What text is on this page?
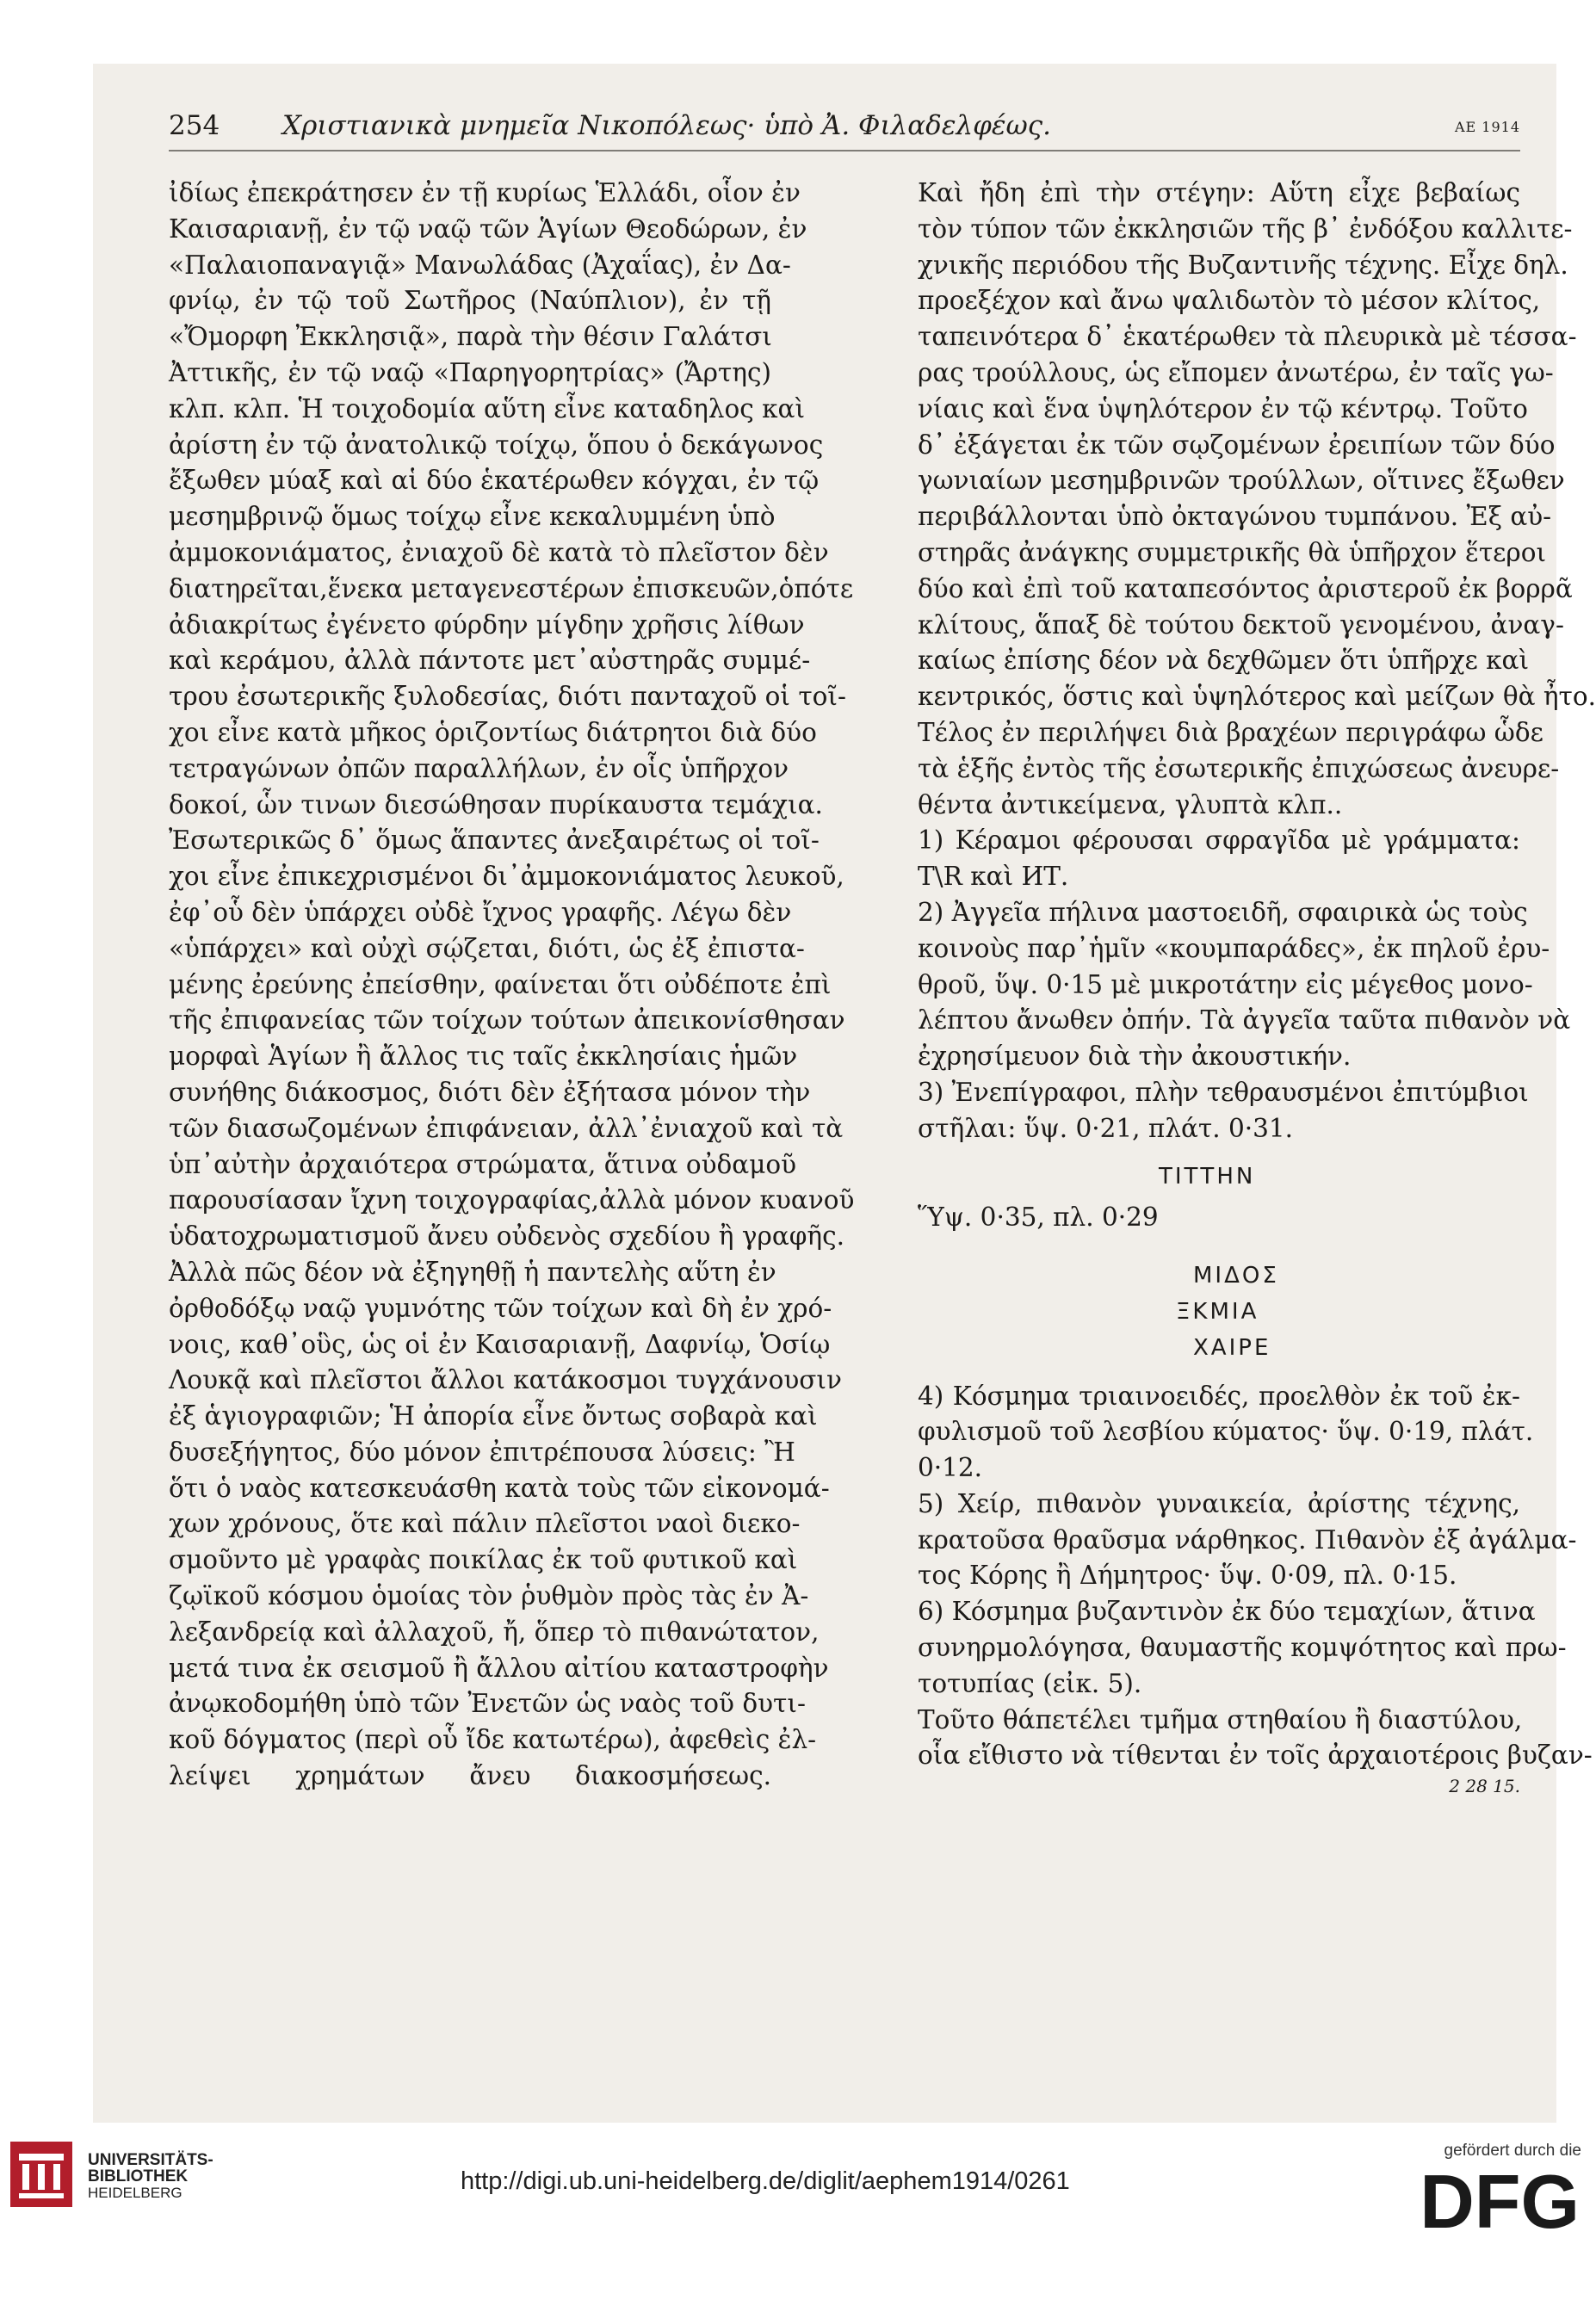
254 Χριστιανικὰ μνημεῖα Νικοπόλεως· ὑπὸ Ἀ. Φιλαδελφέως.	ΑΕ 1914

ἰδίως ἐπεκράτησεν ἐν τῇ κυρίως Ἑλλάδι, οἷον ἐν

Καισαριανῇ, ἐν τῷ ναῷ τῶν Ἁγίων Θεοδώρων, ἐν

«Παλαιοπαναγιᾷ» Μανωλάδας (Ἀχαΐας), ἐν Δα-

φνίῳ, ἐν τῷ τοῦ Σωτῆρος (Ναύπλιον), ἐν τῇ

«Ὄμορφη Ἐκκλησιᾷ», παρὰ τὴν θέσιν Γαλάτσι

Ἀττικῆς, ἐν τῷ ναῷ «Παρηγορητρίας» (Ἄρτης)

κλπ. κλπ. Ἡ τοιχοδομία αὕτη εἶνε καταδηλος καὶ

ἀρίστη ἐν τῷ ἀνατολικῷ τοίχῳ, ὅπου ὁ δεκάγωνος

ἔξωθεν μύαξ καὶ αἱ δύο ἑκατέρωθεν κόγχαι, ἐν τῷ

μεσημβρινῷ ὅμως τοίχῳ εἶνε κεκαλυμμένη ὑπὸ

ἀμμοκονιάματος, ἐνιαχοῦ δὲ κατὰ τὸ πλεῖστον δὲν

διατηρεῖται,ἕνεκα μεταγενεστέρων ἐπισκευῶν,ὁπότε

ἀδιακρίτως ἐγένετο φύρδην μίγδην χρῆσις λίθων

καὶ κεράμου, ἀλλὰ πάντοτε μετ᾿αὐστηρᾶς συμμέ-

τρου ἐσωτερικῆς ξυλοδεσίας, διότι πανταχοῦ οἱ τοῖ-

χοι εἶνε κατὰ μῆκος ὁριζοντίως διάτρητοι διὰ δύο

τετραγώνων ὀπῶν παραλλήλων, ἐν οἷς ὑπῆρχον

δοκοί, ὧν τινων διεσώθησαν πυρίκαυστα τεμάχια.

Ἐσωτερικῶς δ᾿ ὅμως ἅπαντες ἀνεξαιρέτως οἱ τοῖ-

χοι εἶνε ἐπικεχρισμένοι δι᾿ἀμμοκονιάματος λευκοῦ,

ἐφ᾿οὗ δὲν ὑπάρχει οὐδὲ ἴχνος γραφῆς. Λέγω δὲν

«ὑπάρχει» καὶ οὐχὶ σῴζεται, διότι, ὡς ἐξ ἐπιστα-

μένης ἐρεύνης ἐπείσθην, φαίνεται ὅτι οὐδέποτε ἐπὶ

τῆς ἐπιφανείας τῶν τοίχων τούτων ἀπεικονίσθησαν

μορφαὶ Ἁγίων ἢ ἄλλος τις ταῖς ἐκκλησίαις ἡμῶν

συνήθης διάκοσμος, διότι δὲν ἐξήτασα μόνον τὴν

τῶν διασωζομένων ἐπιφάνειαν, ἀλλ᾿ἐνιαχοῦ καὶ τὰ

ὑπ᾿αὐτὴν ἀρχαιότερα στρώματα, ἅτινα οὐδαμοῦ

παρουσίασαν ἴχνη τοιχογραφίας,ἀλλὰ μόνον κυανοῦ

ὑδατοχρωματισμοῦ ἄνευ οὐδενὸς σχεδίου ἢ γραφῆς.

Ἀλλὰ πῶς δέον νὰ ἐξηγηθῇ ἡ παντελὴς αὕτη ἐν

ὀρθοδόξῳ ναῷ γυμνότης τῶν τοίχων καὶ δὴ ἐν χρό-

νοις, καθ᾿οὓς, ὡς οἱ ἐν Καισαριανῇ, Δαφνίῳ, Ὁσίῳ

Λουκᾷ καὶ πλεῖστοι ἄλλοι κατάκοσμοι τυγχάνουσιν

ἐξ ἁγιογραφιῶν; Ἡ ἀπορία εἶνε ὄντως σοβαρὰ καὶ

δυσεξήγητος, δύο μόνον ἐπιτρέπουσα λύσεις: Ἢ

ὅτι ὁ ναὸς κατεσκευάσθη κατὰ τοὺς τῶν εἰκονομά-

χων χρόνους, ὅτε καὶ πάλιν πλεῖστοι ναοὶ διεκο-

σμοῦντο μὲ γραφὰς ποικίλας ἐκ τοῦ φυτικοῦ καὶ

ζῳϊκοῦ κόσμου ὁμοίας τὸν ῥυθμὸν πρὸς τὰς ἐν Ἀ-

λεξανδρείᾳ καὶ ἀλλαχοῦ, ἤ, ὅπερ τὸ πιθανώτατον,

μετά τινα ἐκ σεισμοῦ ἢ ἄλλου αἰτίου καταστροφὴν

ἀνῳκοδομήθη ὑπὸ τῶν Ἐνετῶν ὡς ναὸς τοῦ δυτι-

κοῦ δόγματος (περὶ οὗ ἴδε κατωτέρω), ἀφεθεὶς ἐλ-

λείψει χρημάτων ἄνευ διακοσμήσεως.

Καὶ ἤδη ἐπὶ τὴν στέγην: Αὕτη εἶχε βεβαίως

τὸν τύπον τῶν ἐκκλησιῶν τῆς β᾿ ἐνδόξου καλλιτε-

χνικῆς περιόδου τῆς Βυζαντινῆς τέχνης. Εἶχε δηλ.

προεξέχον καὶ ἄνω ψαλιδωτὸν τὸ μέσον κλίτος,

ταπεινότερα δ᾿ ἑκατέρωθεν τὰ πλευρικὰ μὲ τέσσα-

ρας τρούλλους, ὡς εἴπομεν ἀνωτέρω, ἐν ταῖς γω-

νίαις καὶ ἕνα ὑψηλότερον ἐν τῷ κέντρῳ. Τοῦτο

δ᾿ ἐξάγεται ἐκ τῶν σῳζομένων ἐρειπίων τῶν δύο

γωνιαίων μεσημβρινῶν τρούλλων, οἵτινες ἔξωθεν

περιβάλλονται ὑπὸ ὀκταγώνου τυμπάνου. Ἐξ αὐ-

στηρᾶς ἀνάγκης συμμετρικῆς θὰ ὑπῆρχον ἕτεροι

δύο καὶ ἐπὶ τοῦ καταπεσόντος ἀριστεροῦ ἐκ βορρᾶ

κλίτους, ἅπαξ δὲ τούτου δεκτοῦ γενομένου, ἀναγ-

καίως ἐπίσης δέον νὰ δεχθῶμεν ὅτι ὑπῆρχε καὶ

κεντρικός, ὅστις καὶ ὑψηλότερος καὶ μείζων θὰ ἦτο.

Τέλος ἐν περιλήψει διὰ βραχέων περιγράφω ὧδε

τὰ ἑξῆς ἐντὸς τῆς ἐσωτερικῆς ἐπιχώσεως ἀνευρε-

θέντα ἀντικείμενα, γλυπτὰ κλπ..

1) Κέραμοι φέρουσαι σφραγῖδα μὲ γράμματα:

Τ\R καὶ ИΤ.

2) Ἀγγεῖα πήλινα μαστοειδῆ, σφαιρικὰ ὡς τοὺς

κοινοὺς παρ᾿ἡμῖν «κουμπαράδες», ἐκ πηλοῦ ἐρυ-

θροῦ, ὕψ. 0·15 μὲ μικροτάτην εἰς μέγεθος μονο-

λέπτου ἄνωθεν ὀπήν. Τὰ ἀγγεῖα ταῦτα πιθανὸν νὰ

ἐχρησίμευον διὰ τὴν ἀκουστικήν.

3) Ἐνεπίγραφοι, πλὴν τεθραυσμένοι ἐπιτύμβιοι

στῆλαι: ὕψ. 0·21, πλάτ. 0·31.

ΤΙΤΤΗΝ

Ὕψ. 0·35, πλ. 0·29

ΜΙΔΟΣ

ΞΚΜΙΑ

ΧΑΙΡΕ

4) Κόσμημα τριαινοειδές, προελθὸν ἐκ τοῦ ἐκ-

φυλισμοῦ τοῦ λεσβίου κύματος· ὕψ. 0·19, πλάτ.

0·12.

5) Χείρ, πιθανὸν γυναικεία, ἀρίστης τέχνης,

κρατοῦσα θραῦσμα νάρθηκος. Πιθανὸν ἐξ ἀγάλμα-

τος Κόρης ἢ Δήμητρος· ὕψ. 0·09, πλ. 0·15.

6) Κόσμημα βυζαντινὸν ἐκ δύο τεμαχίων, ἅτινα

συνηρμολόγησα, θαυμαστῆς κομψότητος καὶ πρω-

τοτυπίας (εἰκ. 5).

Τοῦτο θάπετέλει τμῆμα στηθαίου ἢ διαστύλου,

οἷα εἴθιστο νὰ τίθενται ἐν τοῖς ἀρχαιοτέροις βυζαν-

2 28 15.

UNIVERSITÄTS-
BIBLIOTHEK
HEIDELBERG	http://digi.ub.uni-heidelberg.de/diglit/aephem1914/0261
gefördert durch die
DFG
